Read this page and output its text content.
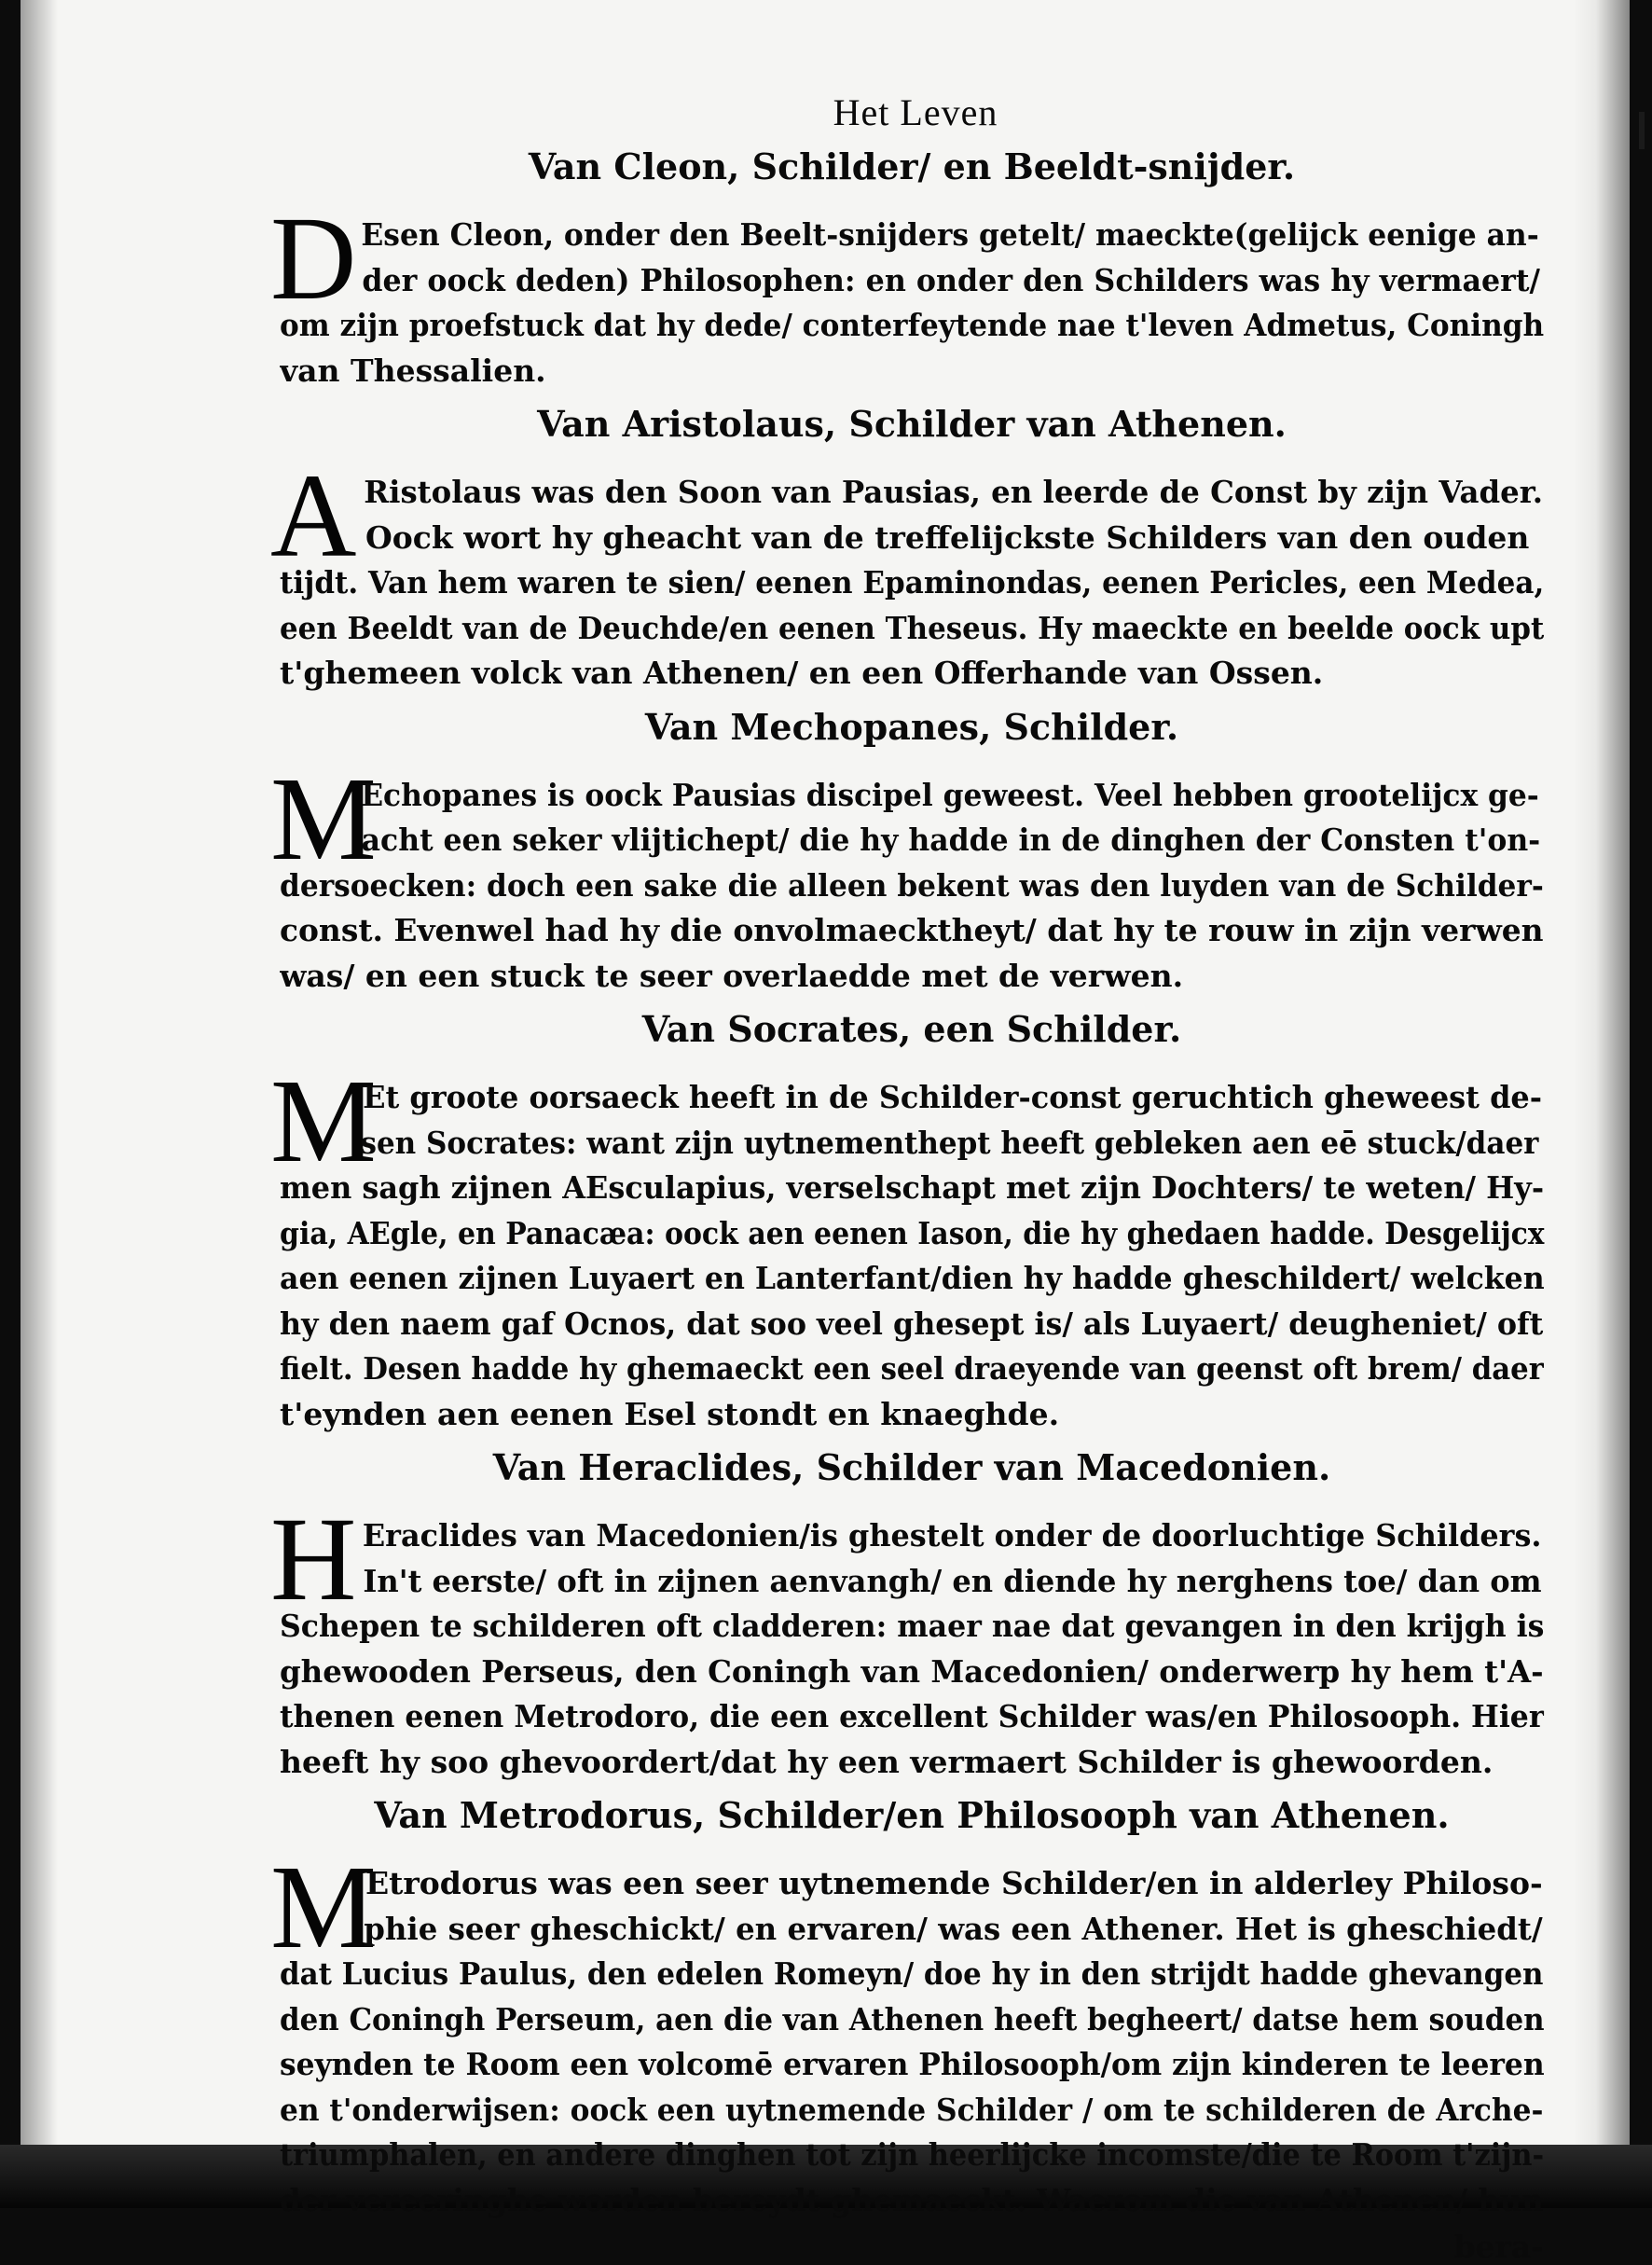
Het Leven
Van Cleon, Schilder/ en Beeldt-snijder.
D Esen Cleon, onder den Beelt-snijders getelt/ maeckte(gelijck eenige an-
der oock deden) Philosophen: en onder den Schilders was hy vermaert/
om zijn proefstuck dat hy dede/ conterfeytende nae t'leven Admetus, Coningh
van Thessalien.
Van Aristolaus, Schilder van Athenen.
A Ristolaus was den Soon van Pausias, en leerde de Const by zijn Vader.
Oock wort hy gheacht van de treffelijckste Schilders van den ouden
tijdt. Van hem waren te sien/ eenen Epaminondas, eenen Pericles, een Medea,
een Beeldt van de Deuchde/en eenen Theseus. Hy maeckte en beelde oock upt
t'ghemeen volck van Athenen/ en een Offerhande van Ossen.
Van Mechopanes, Schilder.
M
Echopanes is oock Pausias discipel geweest. Veel hebben grootelijcx ge-
acht een seker vlijtichept/ die hy hadde in de dinghen der Consten t'on-
dersoecken: doch een sake die alleen bekent was den luyden van de Schilder-
const. Evenwel had hy die onvolmaecktheyt/ dat hy te rouw in zijn verwen
was/ en een stuck te seer overlaedde met de verwen.
Van Socrates, een Schilder.
M
Et groote oorsaeck heeft in de Schilder-const geruchtich gheweest de-
sen Socrates: want zijn uytnementhept heeft gebleken aen eē stuck/daer
men sagh zijnen AEsculapius, verselschapt met zijn Dochters/ te weten/ Hy-
gia, AEgle, en Panacæa: oock aen eenen Iason, die hy ghedaen hadde. Desgelijcx
aen eenen zijnen Luyaert en Lanterfant/dien hy hadde gheschildert/ welcken
hy den naem gaf Ocnos, dat soo veel ghesept is/ als Luyaert/ deugheniet/ oft
fielt. Desen hadde hy ghemaeckt een seel draeyende van geenst oft brem/ daer
t'eynden aen eenen Esel stondt en knaeghde.
Van Heraclides, Schilder van Macedonien.
H Eraclides van Macedonien/is ghestelt onder de doorluchtige Schilders.
In't eerste/ oft in zijnen aenvangh/ en diende hy nerghens toe/ dan om
Schepen te schilderen oft cladderen: maer nae dat gevangen in den krijgh is
ghewooden Perseus, den Coningh van Macedonien/ onderwerp hy hem t'A-
thenen eenen Metrodoro, die een excellent Schilder was/en Philosooph. Hier
heeft hy soo ghevoordert/dat hy een vermaert Schilder is ghewoorden.
Van Metrodorus, Schilder/en Philosooph van Athenen.
M
Etrodorus was een seer uytnemende Schilder/en in alderley Philoso-
phie seer gheschickt/ en ervaren/ was een Athener. Het is gheschiedt/
dat Lucius Paulus, den edelen Romeyn/ doe hy in den strijdt hadde ghevangen
den Coningh Perseum, aen die van Athenen heeft begheert/ datse hem souden
seynden te Room een volcomē ervaren Philosooph/om zijn kinderen te leeren
en t'onderwijsen: oock een uytnemende Schilder / om te schilderen de Arche-
triumphalen, en andere dinghen tot zijn heerlijcke incomste/die te Room t'zijn-
der vereeringhe worden bereydt ghemaeckt. Waerom die van Athenen/ hun
bera-
